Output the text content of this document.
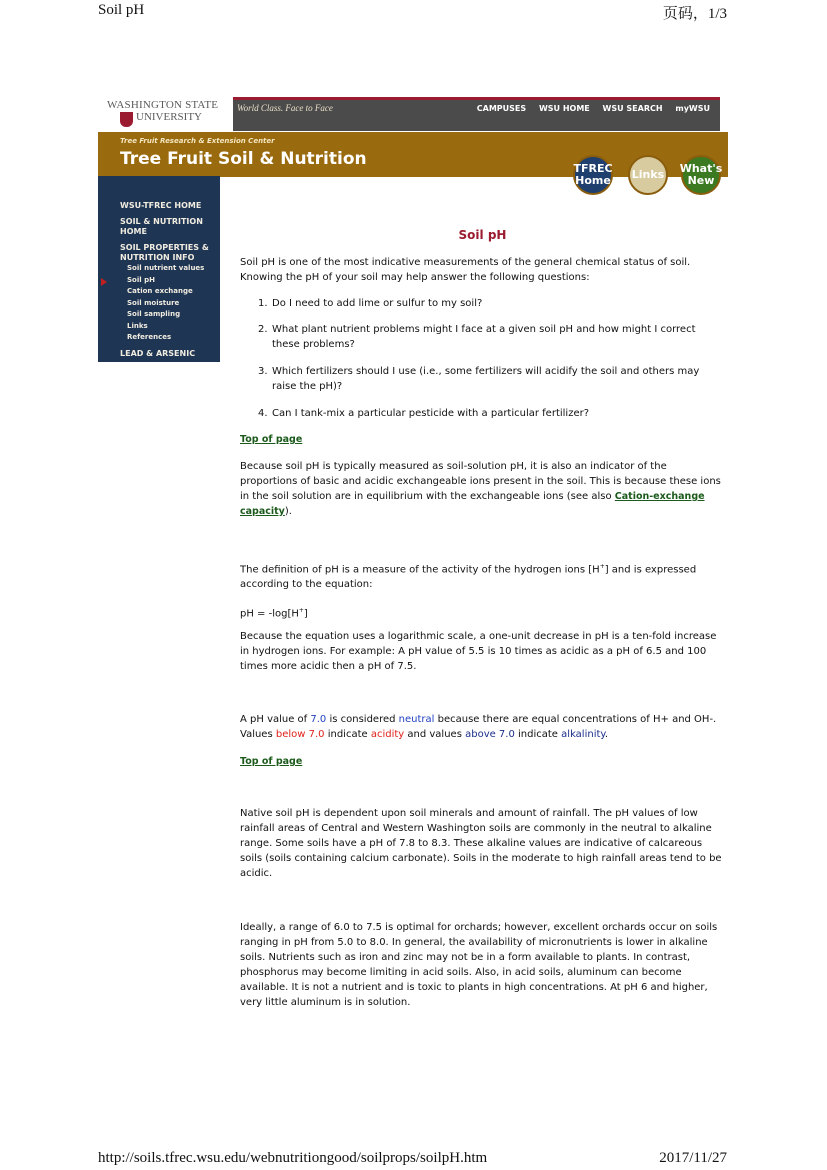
Soil pH	页码，1/3
WASHINGTON STATE
UNIVERSITY
World Class. Face to Face	CAMPUSES WSU HOME WSU SEARCH myWSU
Tree Fruit Research & Extension Center
Tree Fruit Soil & Nutrition	TFREC Home	Links	What's New
WSU-TFREC HOME
SOIL & NUTRITION
HOME
SOIL PROPERTIES &
NUTRITION INFO
Soil nutrient values
Soil pH
Cation exchange
Soil moisture
Soil sampling
Links
References
LEAD & ARSENIC
Soil pH

Soil pH is one of the most indicative measurements of the general chemical status of soil. Knowing the pH of your soil may help answer the following questions:

1. Do I need to add lime or sulfur to my soil?
2. What plant nutrient problems might I face at a given soil pH and how might I correct these problems?
3. Which fertilizers should I use (i.e., some fertilizers will acidify the soil and others may raise the pH)?
4. Can I tank-mix a particular pesticide with a particular fertilizer?
Top of page

Because soil pH is typically measured as soil-solution pH, it is also an indicator of the proportions of basic and acidic exchangeable ions present in the soil. This is because these ions in the soil solution are in equilibrium with the exchangeable ions (see also Cation-exchange capacity).

The definition of pH is a measure of the activity of the hydrogen ions [H+] and is expressed according to the equation:

pH = -log[H+]

Because the equation uses a logarithmic scale, a one-unit decrease in pH is a ten-fold increase in hydrogen ions. For example: A pH value of 5.5 is 10 times as acidic as a pH of 6.5 and 100 times more acidic then a pH of 7.5.

A pH value of 7.0 is considered neutral because there are equal concentrations of H+ and OH-. Values below 7.0 indicate acidity and values above 7.0 indicate alkalinity.

Top of page

Native soil pH is dependent upon soil minerals and amount of rainfall. The pH values of low rainfall areas of Central and Western Washington soils are commonly in the neutral to alkaline range. Some soils have a pH of 7.8 to 8.3. These alkaline values are indicative of calcareous soils (soils containing calcium carbonate). Soils in the moderate to high rainfall areas tend to be acidic.

Ideally, a range of 6.0 to 7.5 is optimal for orchards; however, excellent orchards occur on soils ranging in pH from 5.0 to 8.0. In general, the availability of micronutrients is lower in alkaline soils. Nutrients such as iron and zinc may not be in a form available to plants. In contrast, phosphorus may become limiting in acid soils. Also, in acid soils, aluminum can become available. It is not a nutrient and is toxic to plants in high concentrations. At pH 6 and higher, very little aluminum is in solution.

http://soils.tfrec.wsu.edu/webnutritiongood/soilprops/soilpH.htm	2017/11/27
